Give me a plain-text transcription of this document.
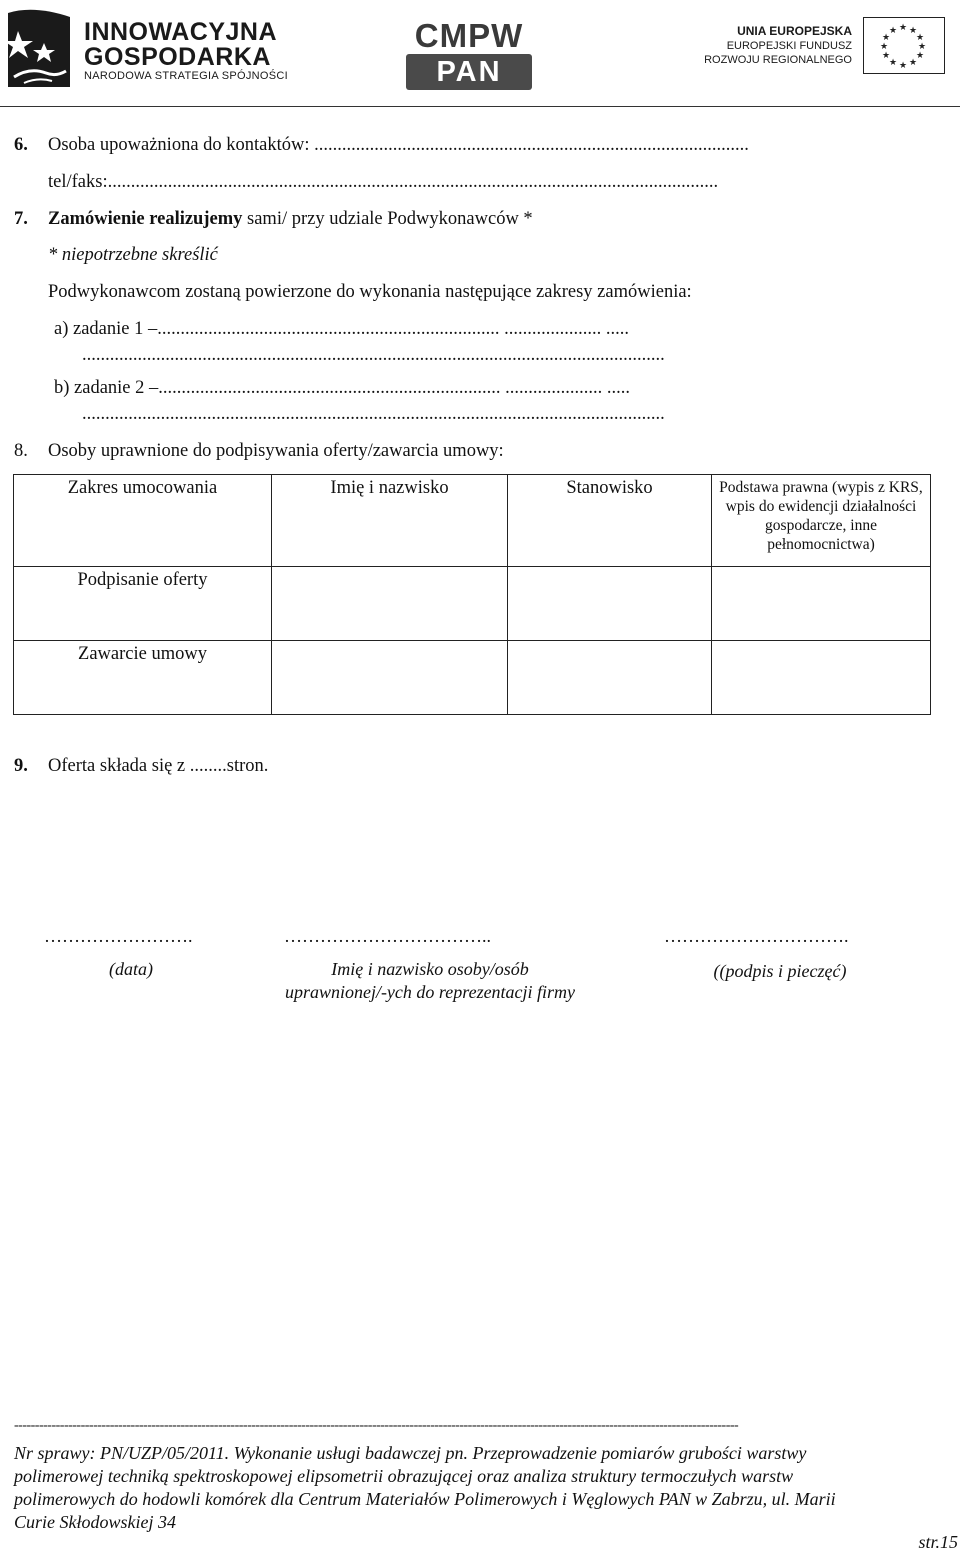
INNOWACYJNA
GOSPODARKA
NARODOWA STRATEGIA SPÓJNOŚCI
CMPW
PAN
UNIA EUROPEJSKA
EUROPEJSKI FUNDUSZ
ROZWOJU REGIONALNEGO
★ ★
★
★
★
★
★
★
★
★
★
★
6. Osoba upoważniona do kontaktów: ..............................................................................................
tel/faks:....................................................................................................................................
7. Zamówienie realizujemy sami/ przy udziale Podwykonawców *
* niepotrzebne skreślić
Podwykonawcom zostaną powierzone do wykonania następujące zakresy zamówienia:
a) zadanie 1 –.......................................................................... ..................... .....
..............................................................................................................................
b) zadanie 2 –.......................................................................... ..................... .....
..............................................................................................................................
8. Osoby uprawnione do podpisywania oferty/zawarcia umowy:
Zakres umocowania	Imię i nazwisko	Stanowisko	Podstawa prawna (wypis z KRS, wpis do ewidencji działalności gospodarcze, inne pełnomocnictwa)
Podpisanie oferty			
Zawarcie umowy			
9. Oferta składa się z ........stron.
…………………….	……………………………..	………………………….
(data)	Imię i nazwisko osoby/osób
uprawnionej/-ych do reprezentacji firmy
((podpis i pieczęć)
------------------------------------------------------------------------------------------------------------------------------------------------------------------------------
Nr sprawy: PN/UZP/05/2011. Wykonanie usługi badawczej pn. Przeprowadzenie pomiarów grubości warstwy
polimerowej techniką spektroskopowej elipsometrii obrazującej oraz analiza struktury termoczułych warstw
polimerowych do hodowli komórek dla Centrum Materiałów Polimerowych i Węglowych PAN w Zabrzu, ul. Marii
Curie Skłodowskiej 34
str.15
